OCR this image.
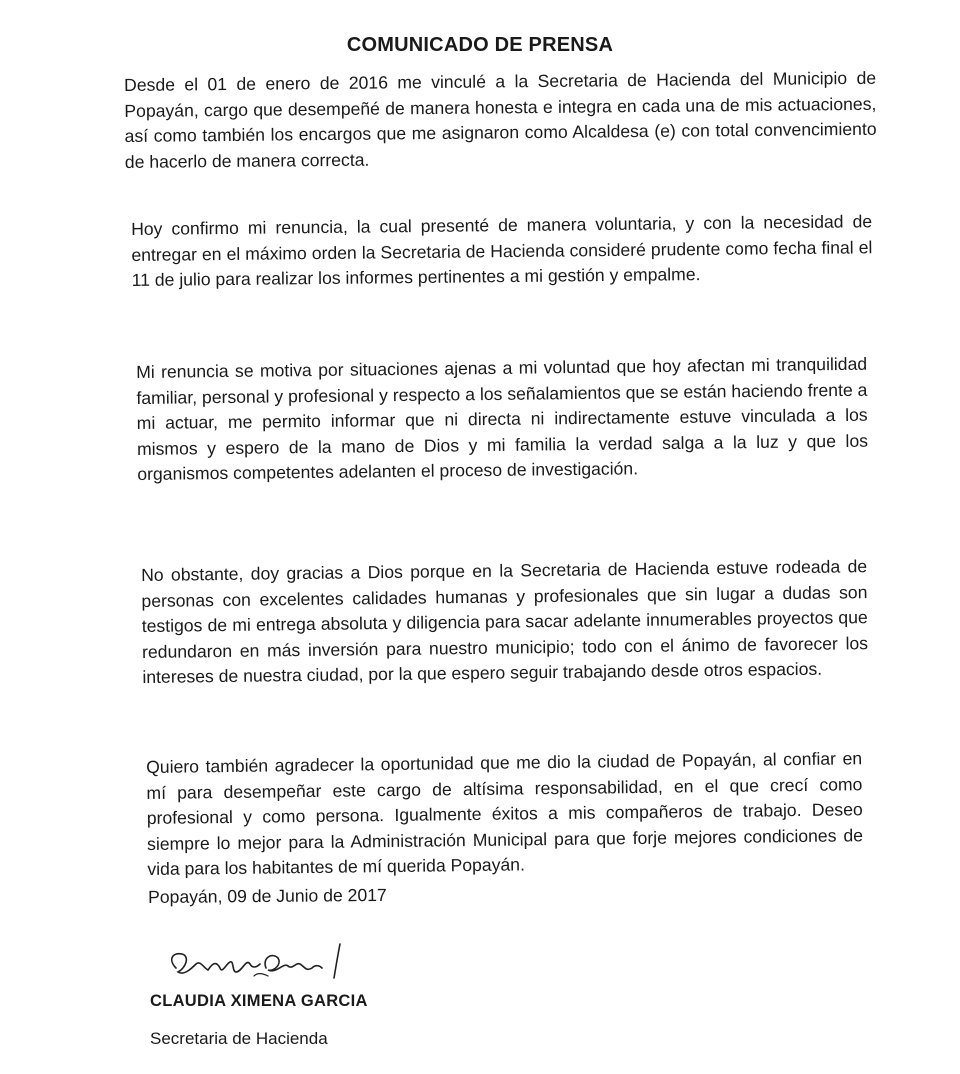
COMUNICADO DE PRENSA

Desde el 01 de enero de 2016 me vinculé a la Secretaria de Hacienda del Municipio de Popayán, cargo que desempeñé de manera honesta e integra en cada una de mis actuaciones, así como también los encargos que me asignaron como Alcaldesa (e) con total convencimiento de hacerlo de manera correcta.

Hoy confirmo mi renuncia, la cual presenté de manera voluntaria, y con la necesidad de entregar en el máximo orden la Secretaria de Hacienda consideré prudente como fecha final el 11 de julio para realizar los informes pertinentes a mi gestión y empalme.

Mi renuncia se motiva por situaciones ajenas a mi voluntad que hoy afectan mi tranquilidad familiar, personal y profesional y respecto a los señalamientos que se están haciendo frente a mi actuar, me permito informar que ni directa ni indirectamente estuve vinculada a los mismos y espero de la mano de Dios y mi familia la verdad salga a la luz y que los organismos competentes adelanten el proceso de investigación.

No obstante, doy gracias a Dios porque en la Secretaria de Hacienda estuve rodeada de personas con excelentes calidades humanas y profesionales que sin lugar a dudas son testigos de mi entrega absoluta y diligencia para sacar adelante innumerables proyectos que redundaron en más inversión para nuestro municipio; todo con el ánimo de favorecer los intereses de nuestra ciudad, por la que espero seguir trabajando desde otros espacios.

Quiero también agradecer la oportunidad que me dio la ciudad de Popayán, al confiar en mí para desempeñar este cargo de altísima responsabilidad, en el que crecí como profesional y como persona. Igualmente éxitos a mis compañeros de trabajo. Deseo siempre lo mejor para la Administración Municipal para que forje mejores condiciones de vida para los habitantes de mí querida Popayán.

Popayán, 09 de Junio de 2017
CLAUDIA XIMENA GARCIA
Secretaria de Hacienda
